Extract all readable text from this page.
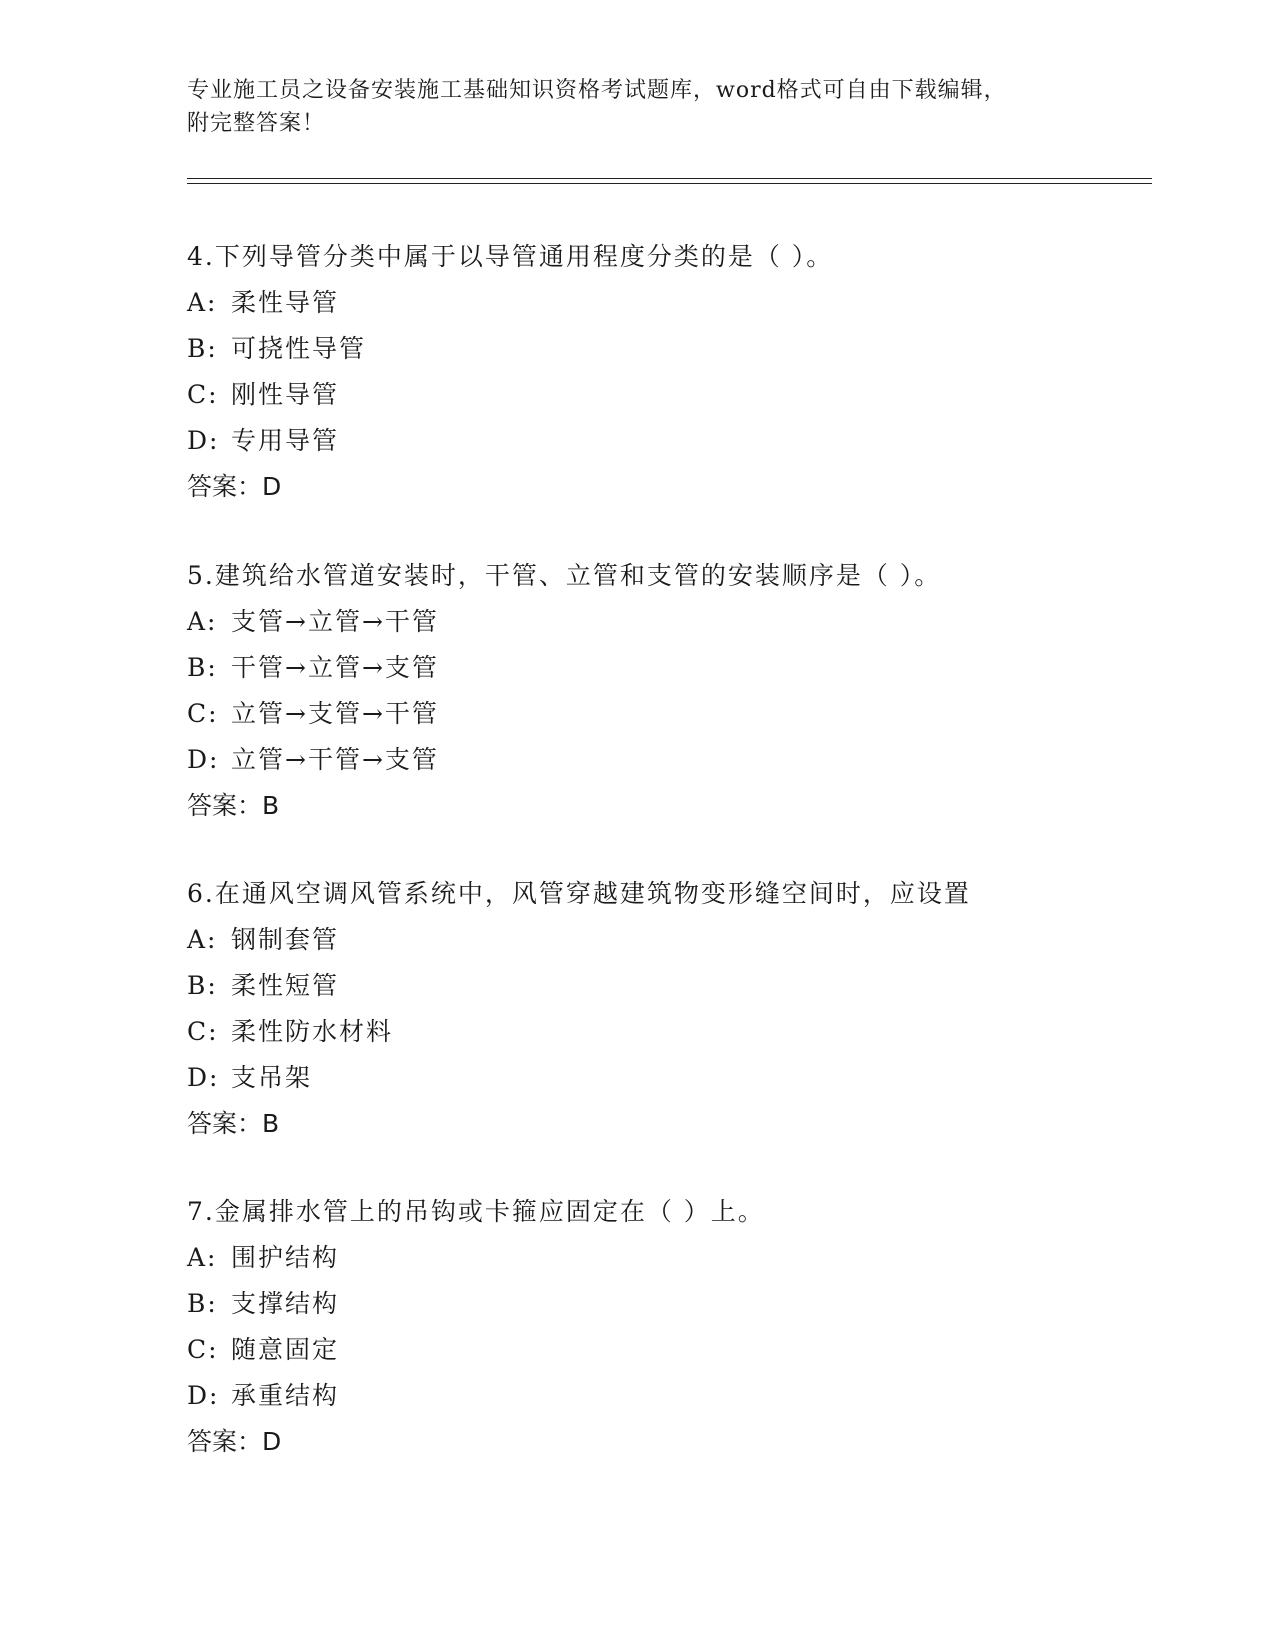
专业施工员之设备安装施工基础知识资格考试题库，word格式可自由下载编辑，
附完整答案！
4.下列导管分类中属于以导管通用程度分类的是（ ）。
A: 柔性导管
B: 可挠性导管
C: 刚性导管
D: 专用导管
答案：D
5.建筑给水管道安装时，干管、立管和支管的安装顺序是（ ）。
A: 支管→立管→干管
B: 干管→立管→支管
C: 立管→支管→干管
D: 立管→干管→支管
答案：B
6.在通风空调风管系统中，风管穿越建筑物变形缝空间时，应设置
A: 钢制套管
B: 柔性短管
C: 柔性防水材料
D: 支吊架
答案：B
7.金属排水管上的吊钩或卡箍应固定在（ ）上。
A: 围护结构
B: 支撑结构
C: 随意固定
D: 承重结构
答案：D
